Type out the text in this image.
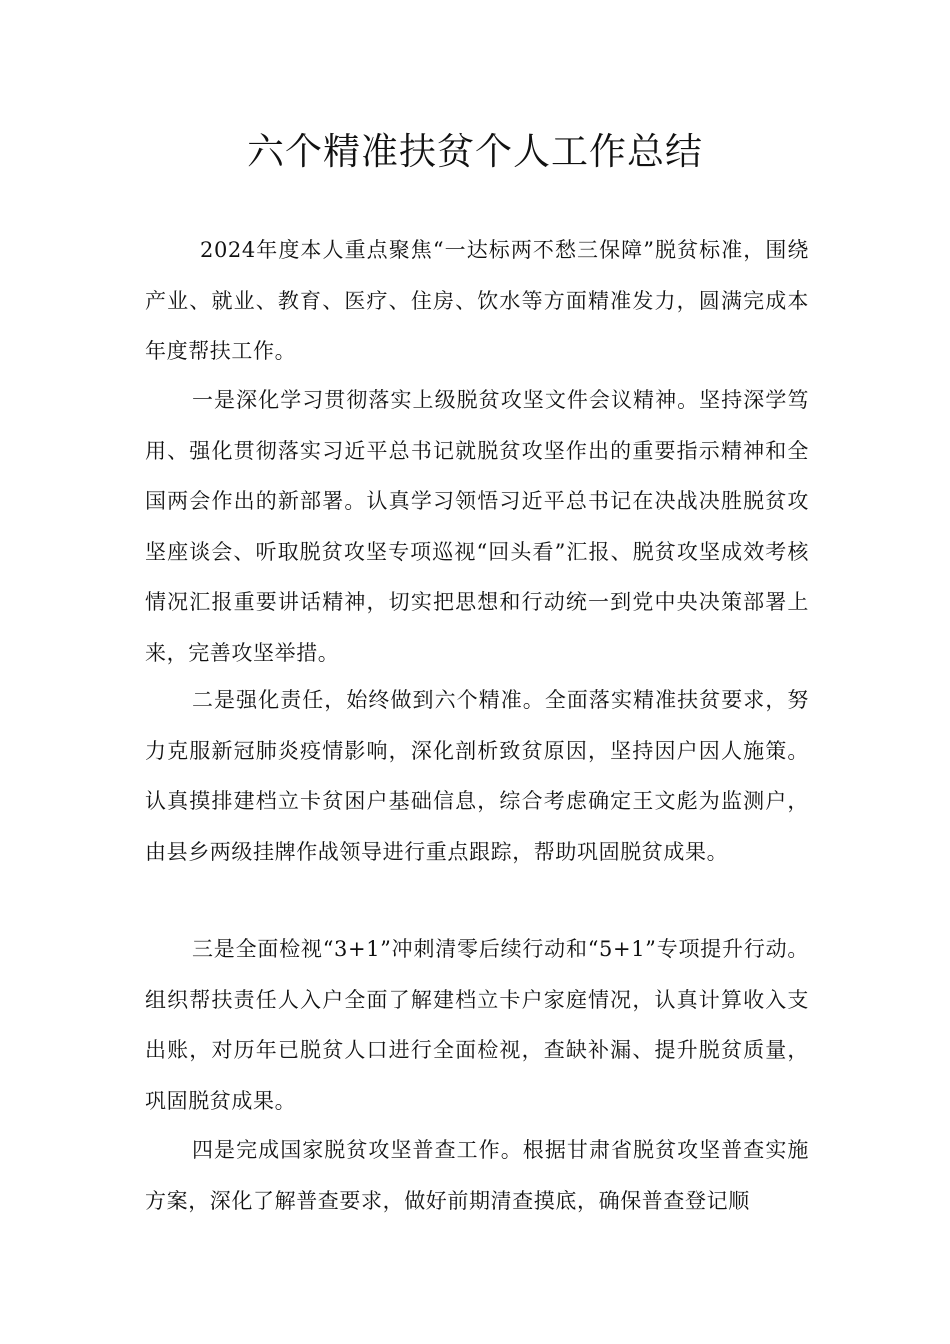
六个精准扶贫个人工作总结

2024年度本人重点聚焦“一达标两不愁三保障”脱贫标准，围绕产业、就业、教育、医疗、住房、饮水等方面精准发力，圆满完成本年度帮扶工作。

一是深化学习贯彻落实上级脱贫攻坚文件会议精神。坚持深学笃用、强化贯彻落实习近平总书记就脱贫攻坚作出的重要指示精神和全国两会作出的新部署。认真学习领悟习近平总书记在决战决胜脱贫攻坚座谈会、听取脱贫攻坚专项巡视“回头看”汇报、脱贫攻坚成效考核情况汇报重要讲话精神，切实把思想和行动统一到党中央决策部署上来，完善攻坚举措。

二是强化责任，始终做到六个精准。全面落实精准扶贫要求，努力克服新冠肺炎疫情影响，深化剖析致贫原因，坚持因户因人施策。认真摸排建档立卡贫困户基础信息，综合考虑确定王文彪为监测户，由县乡两级挂牌作战领导进行重点跟踪，帮助巩固脱贫成果。

三是全面检视“3+1”冲刺清零后续行动和“5+1”专项提升行动。组织帮扶责任人入户全面了解建档立卡户家庭情况，认真计算收入支出账，对历年已脱贫人口进行全面检视，查缺补漏、提升脱贫质量，巩固脱贫成果。

四是完成国家脱贫攻坚普查工作。根据甘肃省脱贫攻坚普查实施方案，深化了解普查要求，做好前期清查摸底，确保普查登记顺
